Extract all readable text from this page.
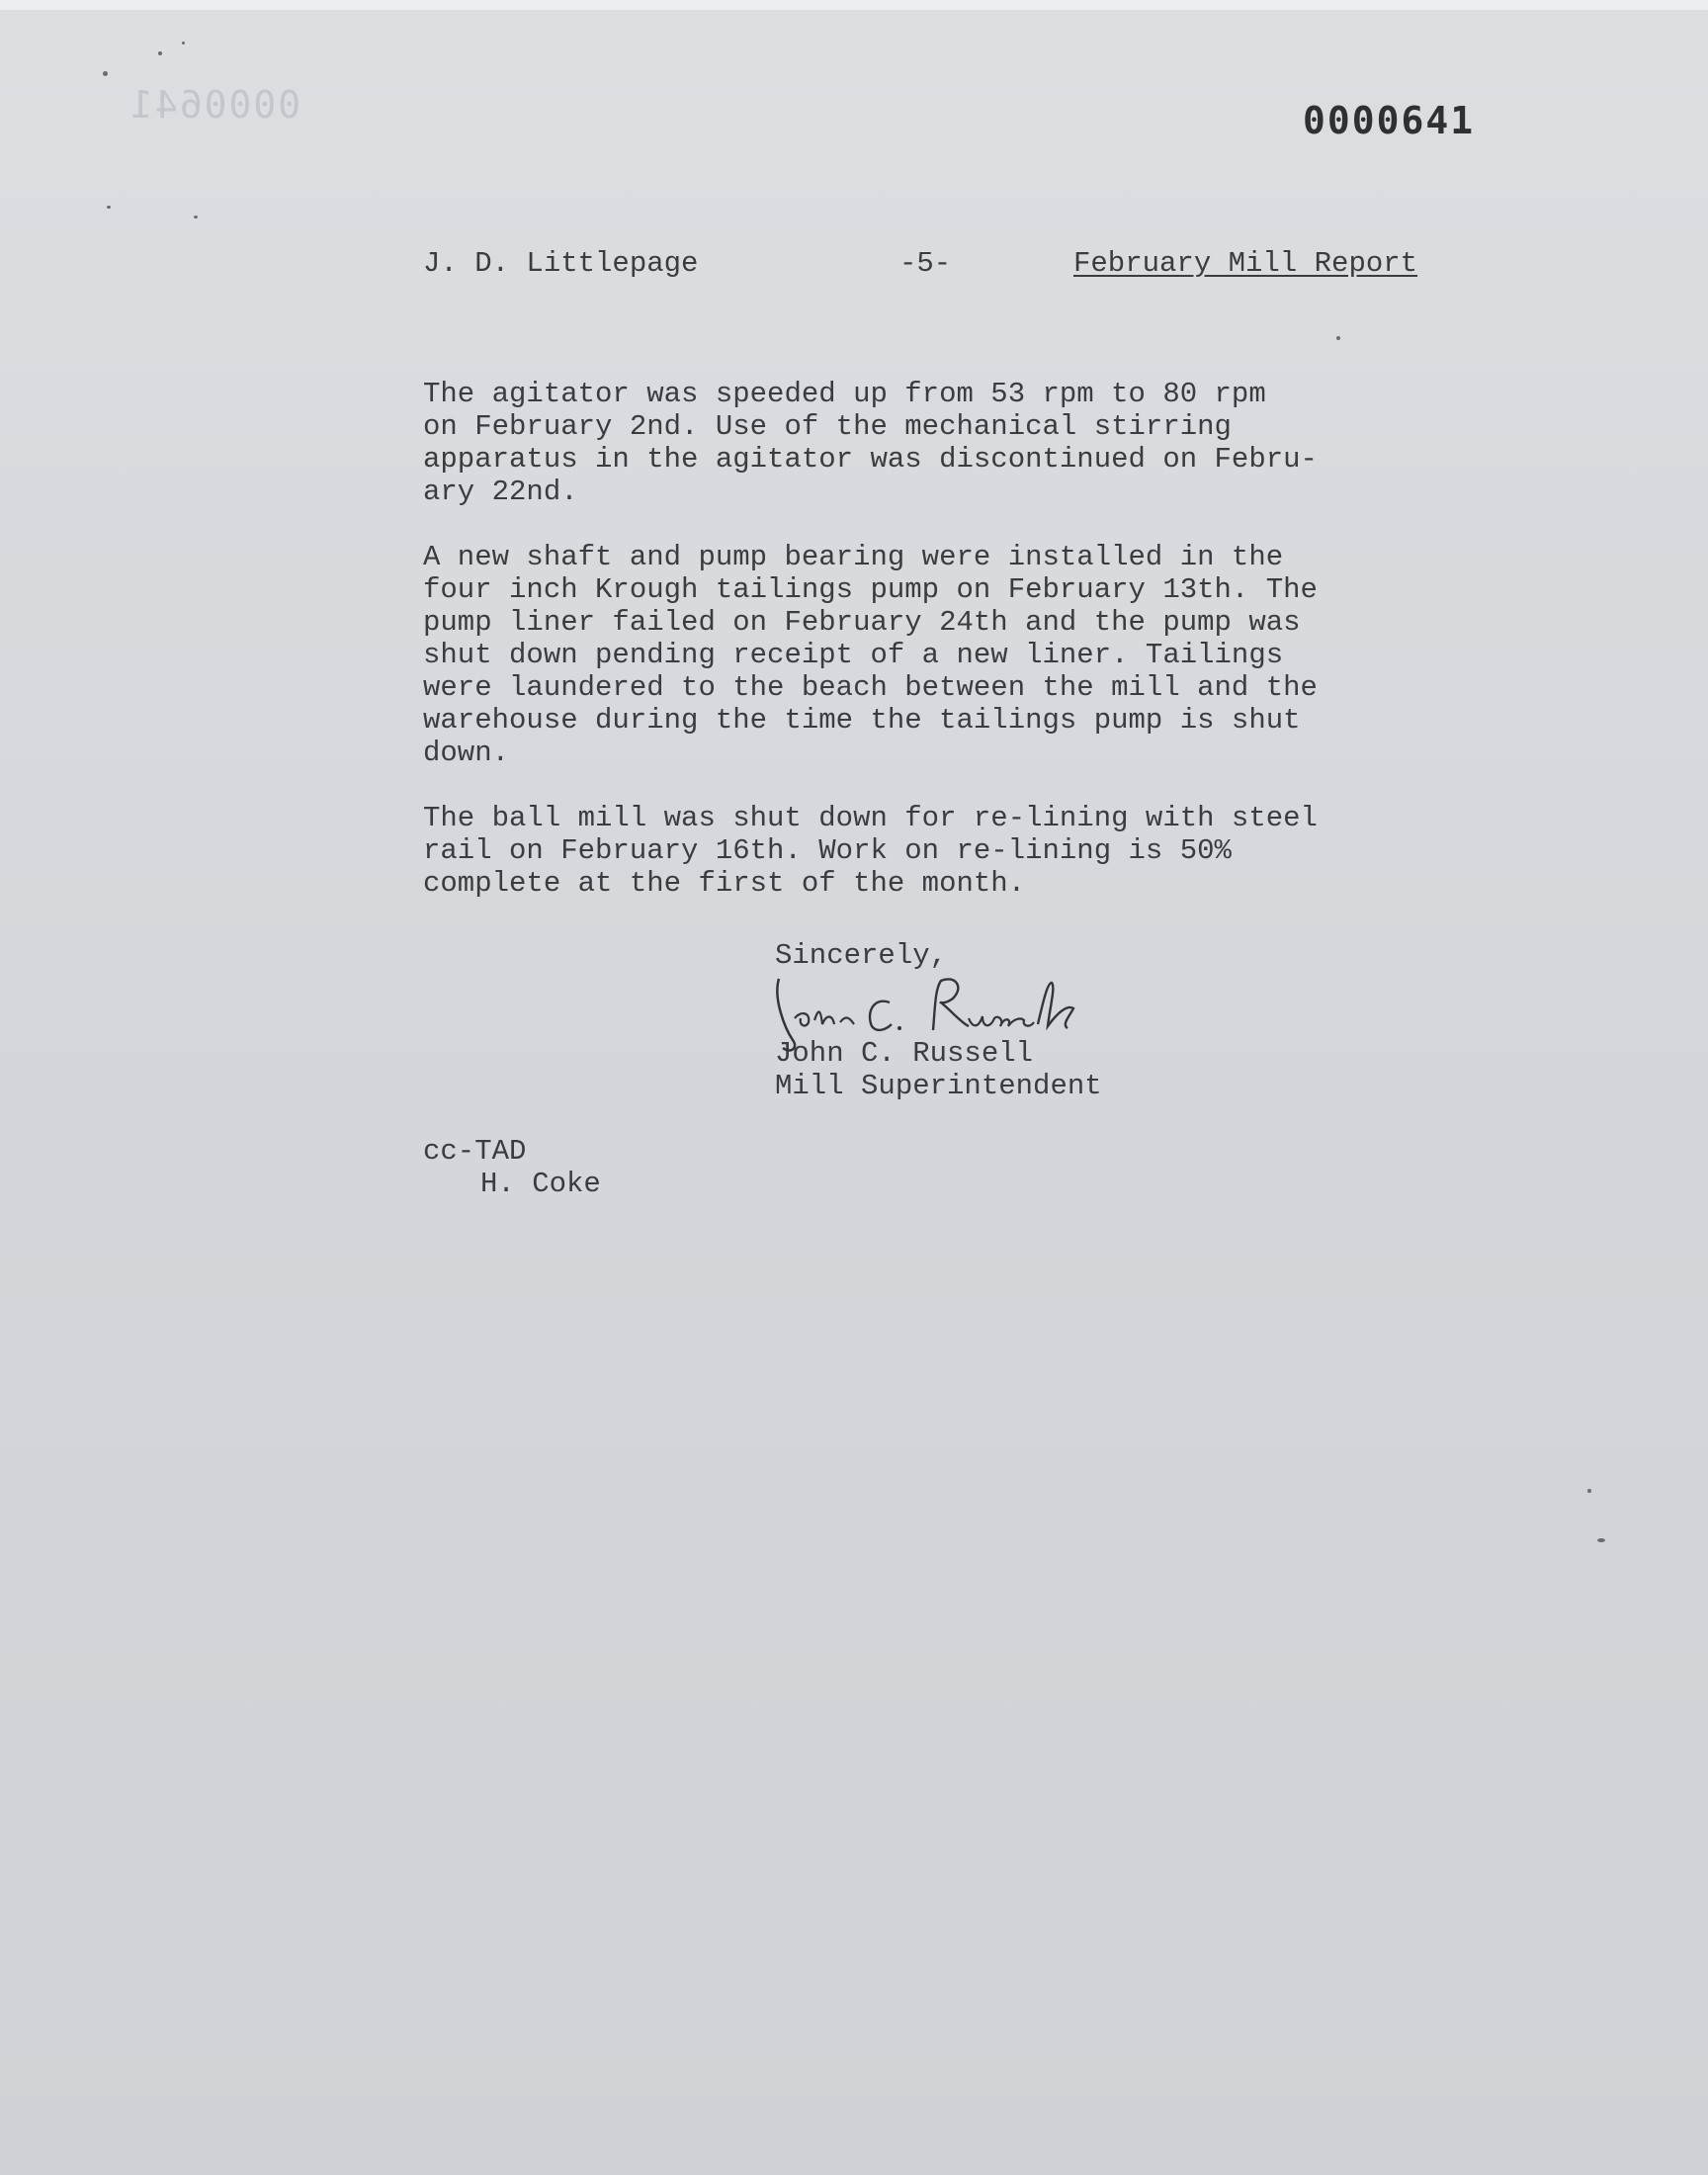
0000641	0000641
J. D. Littlepage	-5-	February Mill Report

The agitator was speeded up from 53 rpm to 80 rpm
on February 2nd. Use of the mechanical stirring
apparatus in the agitator was discontinued on Febru-
ary 22nd.

A new shaft and pump bearing were installed in the
four inch Krough tailings pump on February 13th. The
pump liner failed on February 24th and the pump was
shut down pending receipt of a new liner. Tailings
were laundered to the beach between the mill and the
warehouse during the time the tailings pump is shut
down.

The ball mill was shut down for re-lining with steel
rail on February 16th. Work on re-lining is 50%
complete at the first of the month.

Sincerely,
John C. Russell
Mill Superintendent
cc-TAD
H. Coke
